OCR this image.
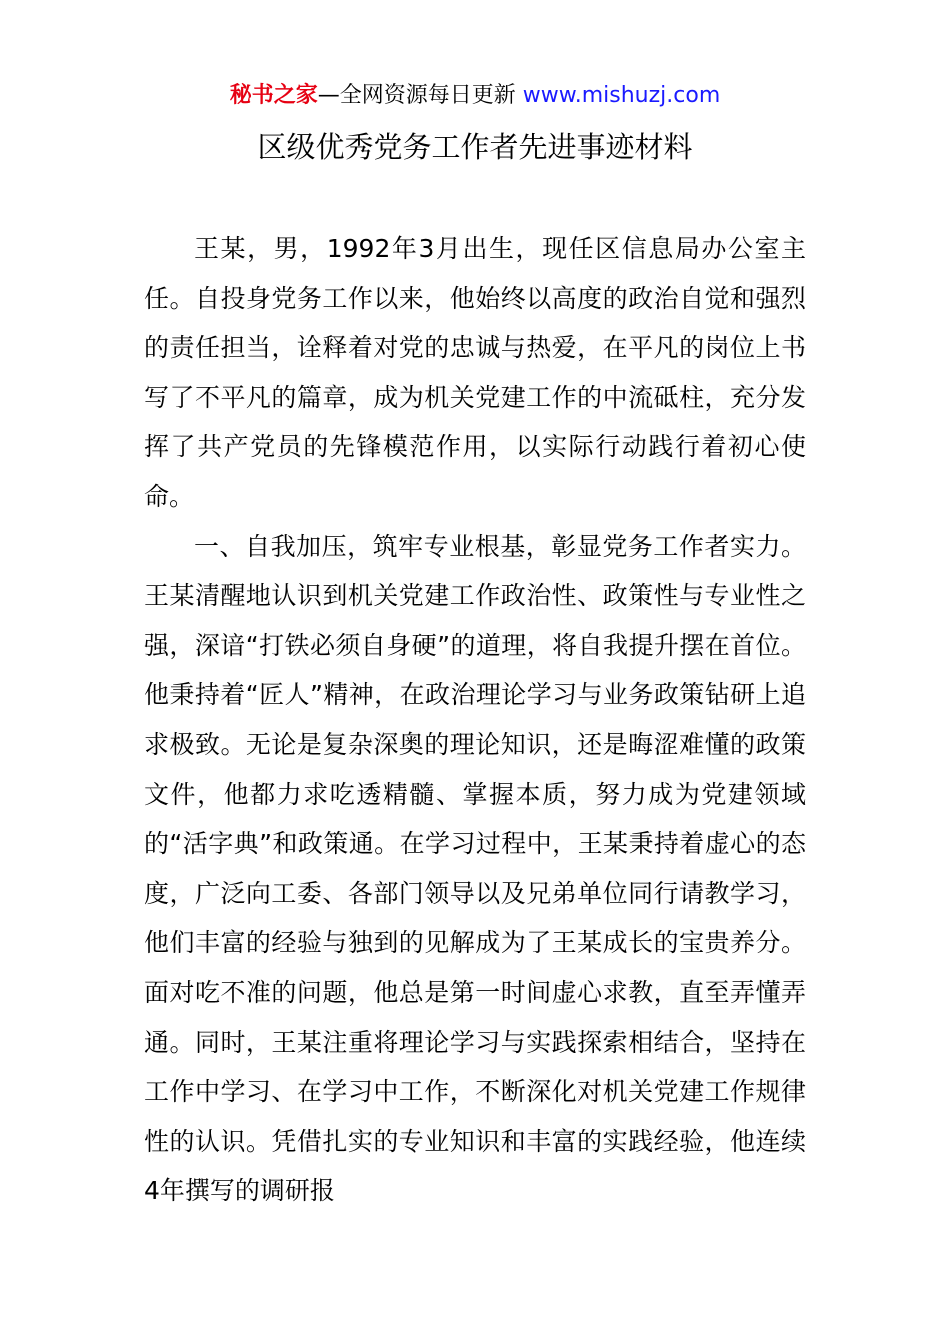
秘书之家—全网资源每日更新 www.mishuzj.com
区级优秀党务工作者先进事迹材料

王某，男，1992年3月出生，现任区信息局办公室主任。自投身党务工作以来，他始终以高度的政治自觉和强烈的责任担当，诠释着对党的忠诚与热爱，在平凡的岗位上书写了不平凡的篇章，成为机关党建工作的中流砥柱，充分发挥了共产党员的先锋模范作用，以实际行动践行着初心使命。

一、自我加压，筑牢专业根基，彰显党务工作者实力。王某清醒地认识到机关党建工作政治性、政策性与专业性之强，深谙“打铁必须自身硬”的道理，将自我提升摆在首位。他秉持着“匠人”精神，在政治理论学习与业务政策钻研上追求极致。无论是复杂深奥的理论知识，还是晦涩难懂的政策文件，他都力求吃透精髓、掌握本质，努力成为党建领域的“活字典”和政策通。在学习过程中，王某秉持着虚心的态度，广泛向工委、各部门领导以及兄弟单位同行请教学习，他们丰富的经验与独到的见解成为了王某成长的宝贵养分。面对吃不准的问题，他总是第一时间虚心求教，直至弄懂弄通。同时，王某注重将理论学习与实践探索相结合，坚持在工作中学习、在学习中工作，不断深化对机关党建工作规律性的认识。凭借扎实的专业知识和丰富的实践经验，他连续4年撰写的调研报
